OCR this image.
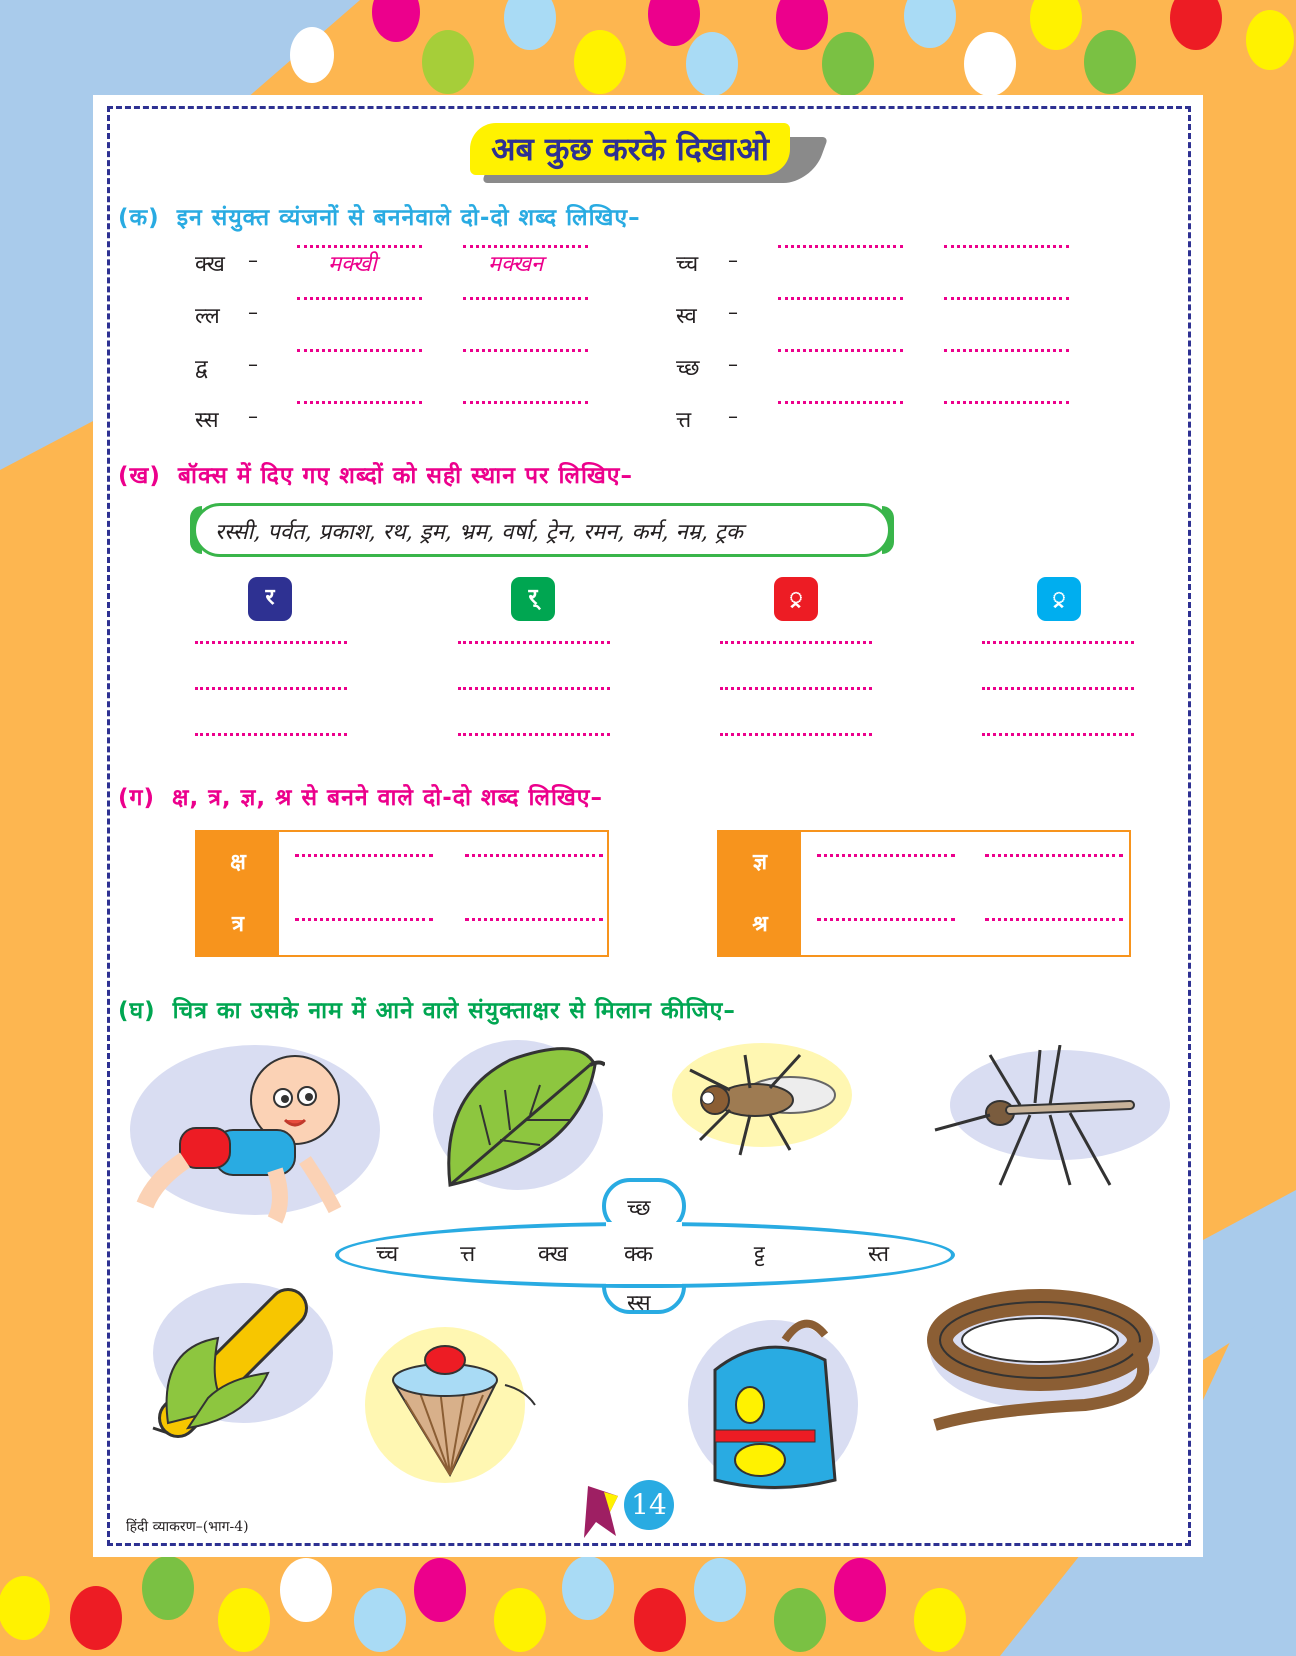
अब कुछ करके दिखाओ
(क) इन संयुक्त व्यंजनों से बननेवाले दो-दो शब्द लिखिए–
क्ख –	मक्खी	मक्खन
ल्ल –
द्व –
स्स –
च्च –
स्व –
च्छ –
त्त –
(ख) बॉक्स में दिए गए शब्दों को सही स्थान पर लिखिए–
रस्सी, पर्वत, प्रकाश, रथ, ड्रम, भ्रम, वर्षा, ट्रेन, रमन, कर्म, नम्र, ट्रक
र	र्	्र	्र
(ग) क्ष, त्र, ज्ञ, श्र से बनने वाले दो-दो शब्द लिखिए–
क्ष
त्र
ज्ञ
श्र
(घ) चित्र का उसके नाम में आने वाले संयुक्ताक्षर से मिलान कीजिए–
च्छ
च्च	त्त	क्ख	क्क	ट्ट	स्त
स्स
हिंदी व्याकरण–(भाग-4)
14
